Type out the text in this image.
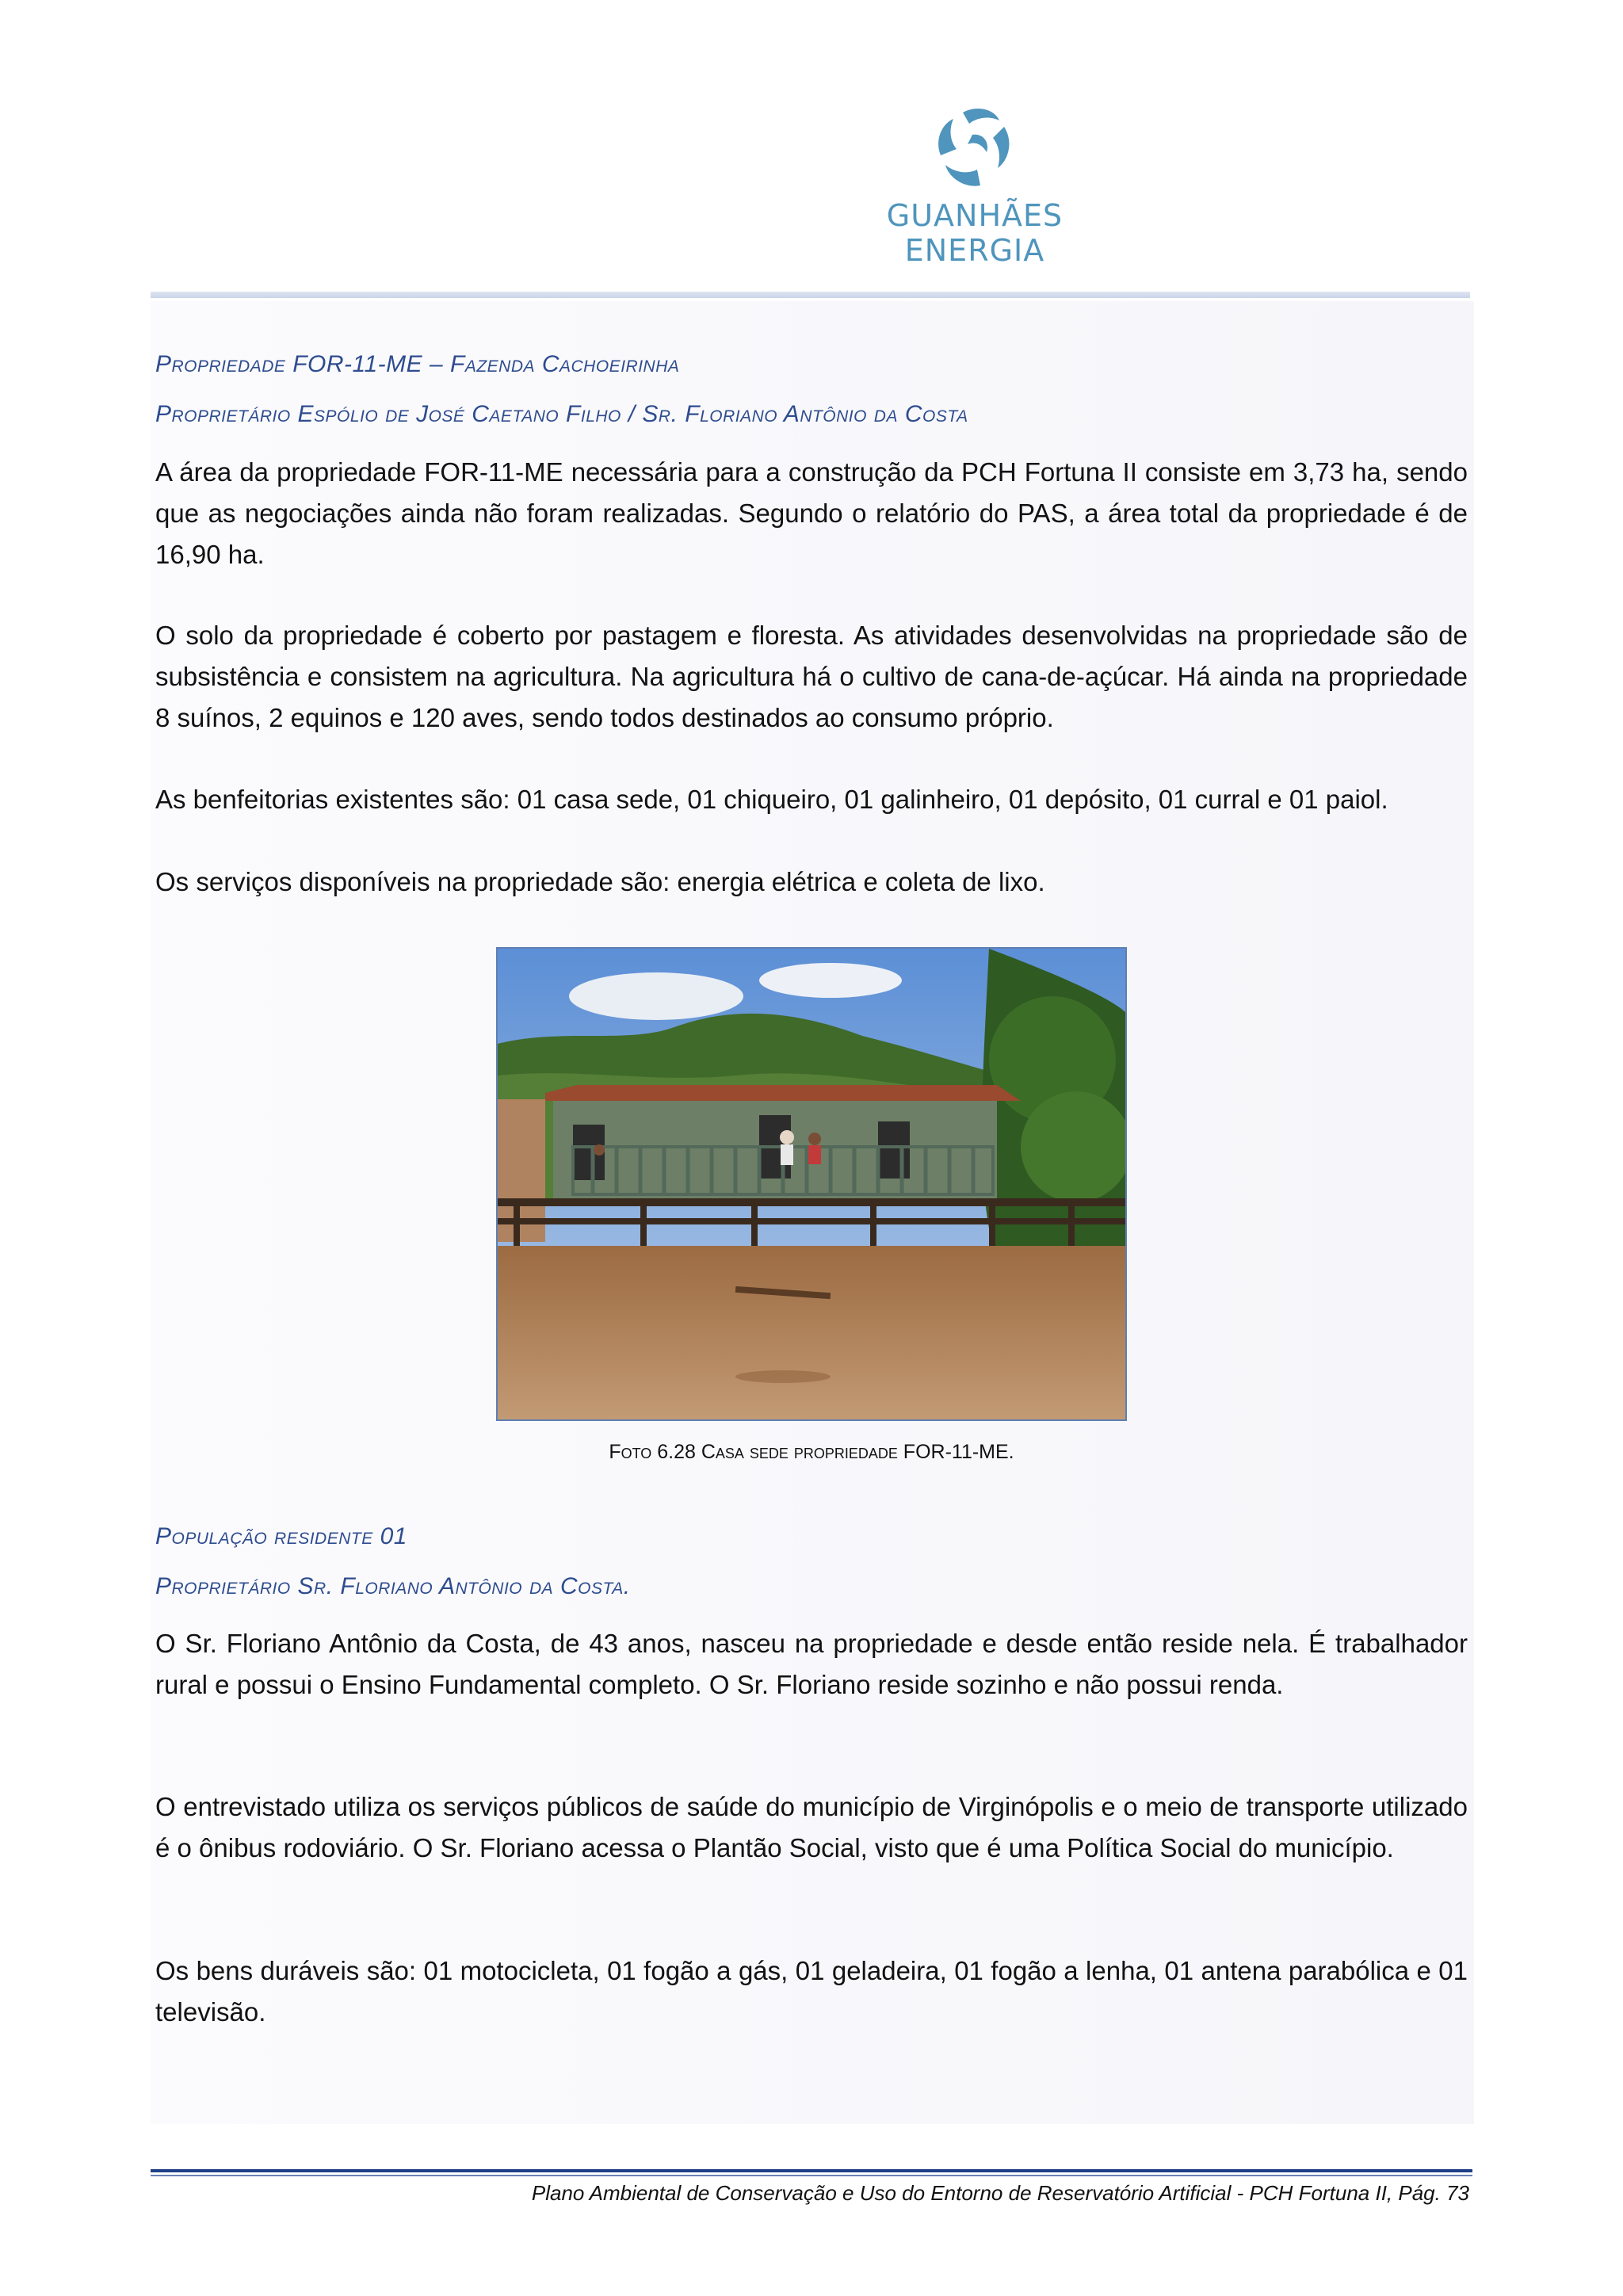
GUANHÃES ENERGIA
Propriedade FOR-11-ME – Fazenda Cachoeirinha
Proprietário Espólio de José Caetano Filho / Sr. Floriano Antônio da Costa
A área da propriedade FOR-11-ME necessária para a construção da PCH Fortuna II consiste em 3,73 ha, sendo que as negociações ainda não foram realizadas. Segundo o relatório do PAS, a área total da propriedade é de 16,90 ha.
O solo da propriedade é coberto por pastagem e floresta. As atividades desenvolvidas na propriedade são de subsistência e consistem na agricultura. Na agricultura há o cultivo de cana-de-açúcar. Há ainda na propriedade 8 suínos, 2 equinos e 120 aves, sendo todos destinados ao consumo próprio.
As benfeitorias existentes são: 01 casa sede, 01 chiqueiro, 01 galinheiro, 01 depósito, 01 curral e 01 paiol.
Os serviços disponíveis na propriedade são: energia elétrica e coleta de lixo.
Foto 6.28 Casa sede propriedade FOR-11-ME.
População residente 01
Proprietário Sr. Floriano Antônio da Costa.
O Sr. Floriano Antônio da Costa, de 43 anos, nasceu na propriedade e desde então reside nela. É trabalhador rural e possui o Ensino Fundamental completo. O Sr. Floriano reside sozinho e não possui renda.
O entrevistado utiliza os serviços públicos de saúde do município de Virginópolis e o meio de transporte utilizado é o ônibus rodoviário. O Sr. Floriano acessa o Plantão Social, visto que é uma Política Social do município.
Os bens duráveis são: 01 motocicleta, 01 fogão a gás, 01 geladeira, 01 fogão a lenha, 01 antena parabólica e 01 televisão.
Plano Ambiental de Conservação e Uso do Entorno de Reservatório Artificial - PCH Fortuna II, Pág. 73
